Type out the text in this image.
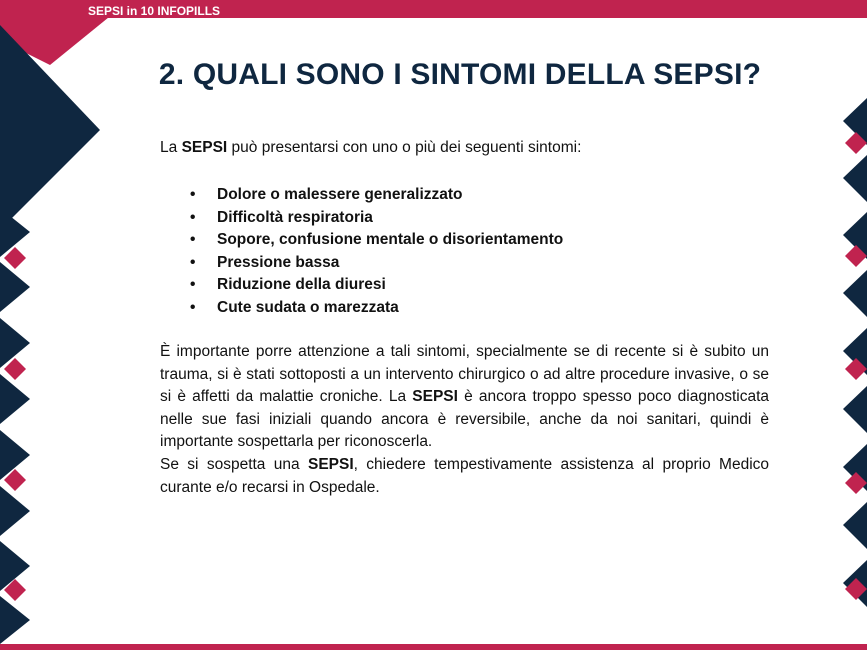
SEPSI in 10 INFOPILLS
2. QUALI SONO I SINTOMI DELLA SEPSI?

La SEPSI può presentarsi con uno o più dei seguenti sintomi:

• Dolore o malessere generalizzato
• Difficoltà respiratoria
• Sopore, confusione mentale o disorientamento
• Pressione bassa
• Riduzione della diuresi
• Cute sudata o marezzata

È importante porre attenzione a tali sintomi, specialmente se di recente si è subito un trauma, si è stati sottoposti a un intervento chirurgico o ad altre procedure invasive, o se si è affetti da malattie croniche. La SEPSI è ancora troppo spesso poco diagnosticata nelle sue fasi iniziali quando ancora è reversibile, anche da noi sanitari, quindi è importante sospettarla per riconoscerla.

Se si sospetta una SEPSI, chiedere tempestivamente assistenza al proprio Medico curante e/o recarsi in Ospedale.
